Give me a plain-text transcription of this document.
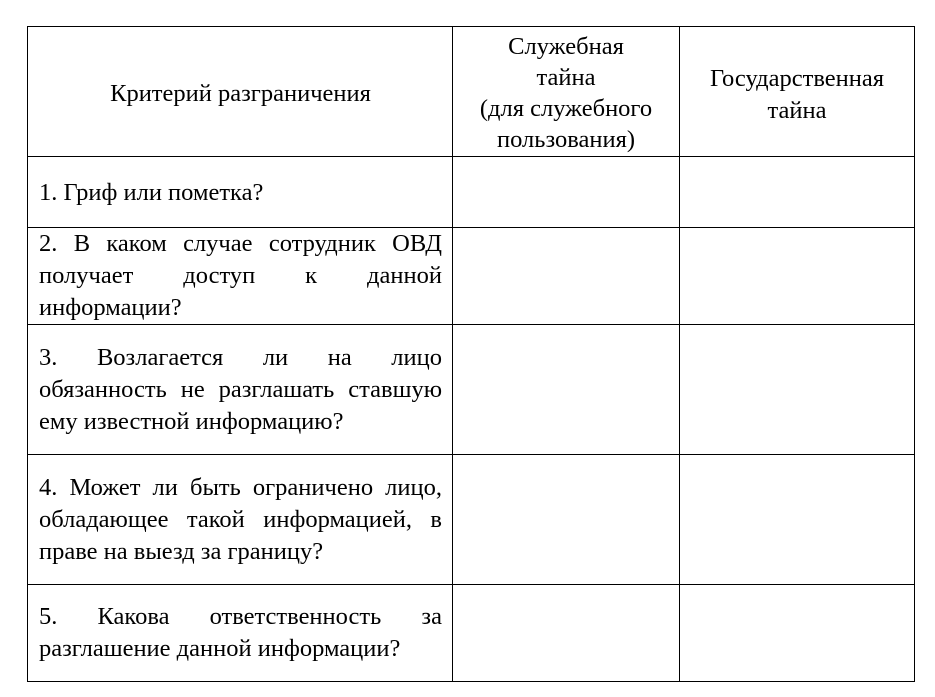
Критерий разграничения	Служебная
тайна
(для служебного
пользования)	Государственная
тайна
1. Гриф или пометка?		
2. В каком случае сотрудник ОВД получает доступ к данной информации?		
3. Возлагается ли на лицо обязанность не разглашать ставшую ему известной информацию?		
4. Может ли быть ограничено лицо, обладающее такой информацией, в праве на выезд за границу?		
5. Какова ответственность за разглашение данной информации?		
